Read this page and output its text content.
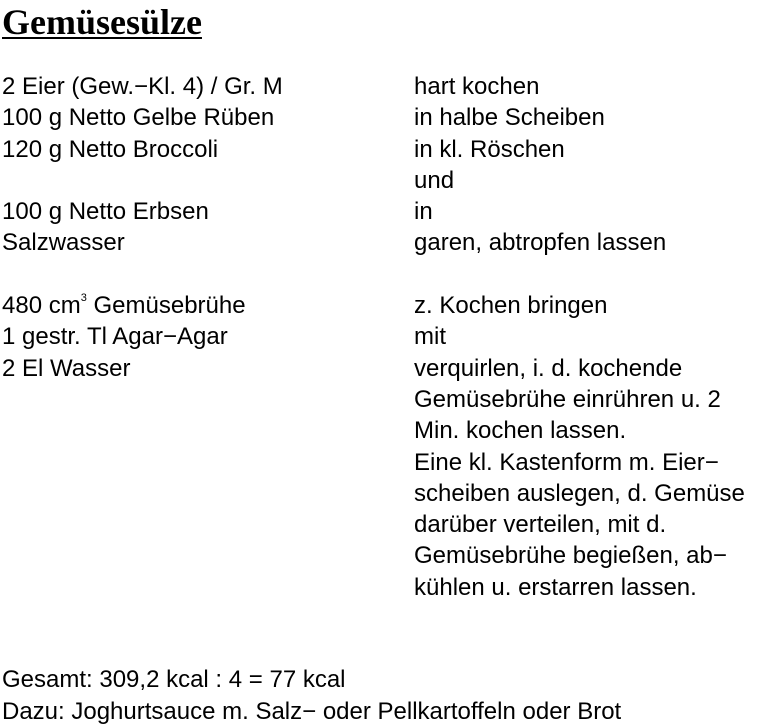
Gemüsesülze
2 Eier (Gew.−Kl. 4) / Gr. M
100 g Netto Gelbe Rüben
120 g Netto Broccoli
100 g Netto Erbsen
Salzwasser
480 $cm^3$ Gemüsebrühe
1 gestr. Tl Agar−Agar
2 El Wasser
hart kochen
in halbe Scheiben
in kl. Röschen
und
in
garen, abtropfen lassen
z. Kochen bringen
mit
verquirlen, i. d. kochende
Gemüsebrühe einrühren u. 2
Min. kochen lassen.
Eine kl. Kastenform m. Eier−
scheiben auslegen, d. Gemüse
darüber verteilen, mit d.
Gemüsebrühe begießen, ab−
kühlen u. erstarren lassen.
Gesamt: 309,2 kcal : 4 = 77 kcal
Dazu: Joghurtsauce m. Salz− oder Pellkartoffeln oder Brot
